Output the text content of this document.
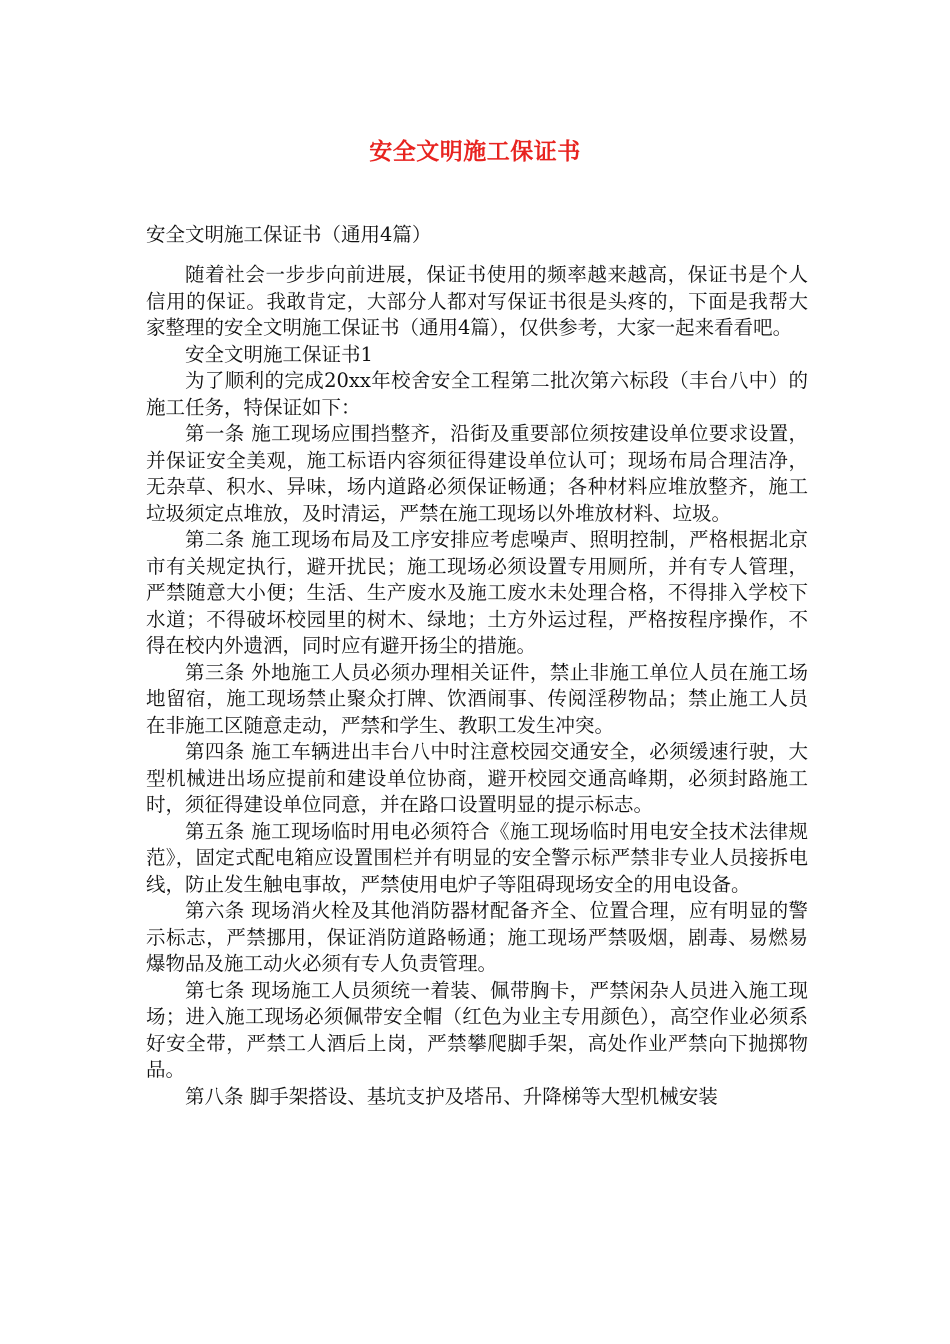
安全文明施工保证书
安全文明施工保证书（通用4篇）

随着社会一步步向前进展，保证书使用的频率越来越高，保证书是个人信用的保证。我敢肯定，大部分人都对写保证书很是头疼的，下面是我帮大家整理的安全文明施工保证书（通用4篇），仅供参考，大家一起来看看吧。

安全文明施工保证书1

为了顺利的完成20xx年校舍安全工程第二批次第六标段（丰台八中）的施工任务，特保证如下：

第一条 施工现场应围挡整齐，沿街及重要部位须按建设单位要求设置，并保证安全美观，施工标语内容须征得建设单位认可；现场布局合理洁净，无杂草、积水、异味，场内道路必须保证畅通；各种材料应堆放整齐，施工垃圾须定点堆放，及时清运，严禁在施工现场以外堆放材料、垃圾。

第二条 施工现场布局及工序安排应考虑噪声、照明控制，严格根据北京市有关规定执行，避开扰民；施工现场必须设置专用厕所，并有专人管理，严禁随意大小便；生活、生产废水及施工废水未处理合格，不得排入学校下水道；不得破坏校园里的树木、绿地；土方外运过程，严格按程序操作，不得在校内外遗洒，同时应有避开扬尘的措施。

第三条 外地施工人员必须办理相关证件，禁止非施工单位人员在施工场地留宿，施工现场禁止聚众打牌、饮酒闹事、传阅淫秽物品；禁止施工人员在非施工区随意走动，严禁和学生、教职工发生冲突。

第四条 施工车辆进出丰台八中时注意校园交通安全，必须缓速行驶，大型机械进出场应提前和建设单位协商，避开校园交通高峰期，必须封路施工时，须征得建设单位同意，并在路口设置明显的提示标志。

第五条 施工现场临时用电必须符合《施工现场临时用电安全技术法律规范》，固定式配电箱应设置围栏并有明显的安全警示标严禁非专业人员接拆电线，防止发生触电事故，严禁使用电炉子等阻碍现场安全的用电设备。

第六条 现场消火栓及其他消防器材配备齐全、位置合理，应有明显的警示标志，严禁挪用，保证消防道路畅通；施工现场严禁吸烟，剧毒、易燃易爆物品及施工动火必须有专人负责管理。

第七条 现场施工人员须统一着装、佩带胸卡，严禁闲杂人员进入施工现场；进入施工现场必须佩带安全帽（红色为业主专用颜色），高空作业必须系好安全带，严禁工人酒后上岗，严禁攀爬脚手架，高处作业严禁向下抛掷物品。

第八条 脚手架搭设、基坑支护及塔吊、升降梯等大型机械安装
